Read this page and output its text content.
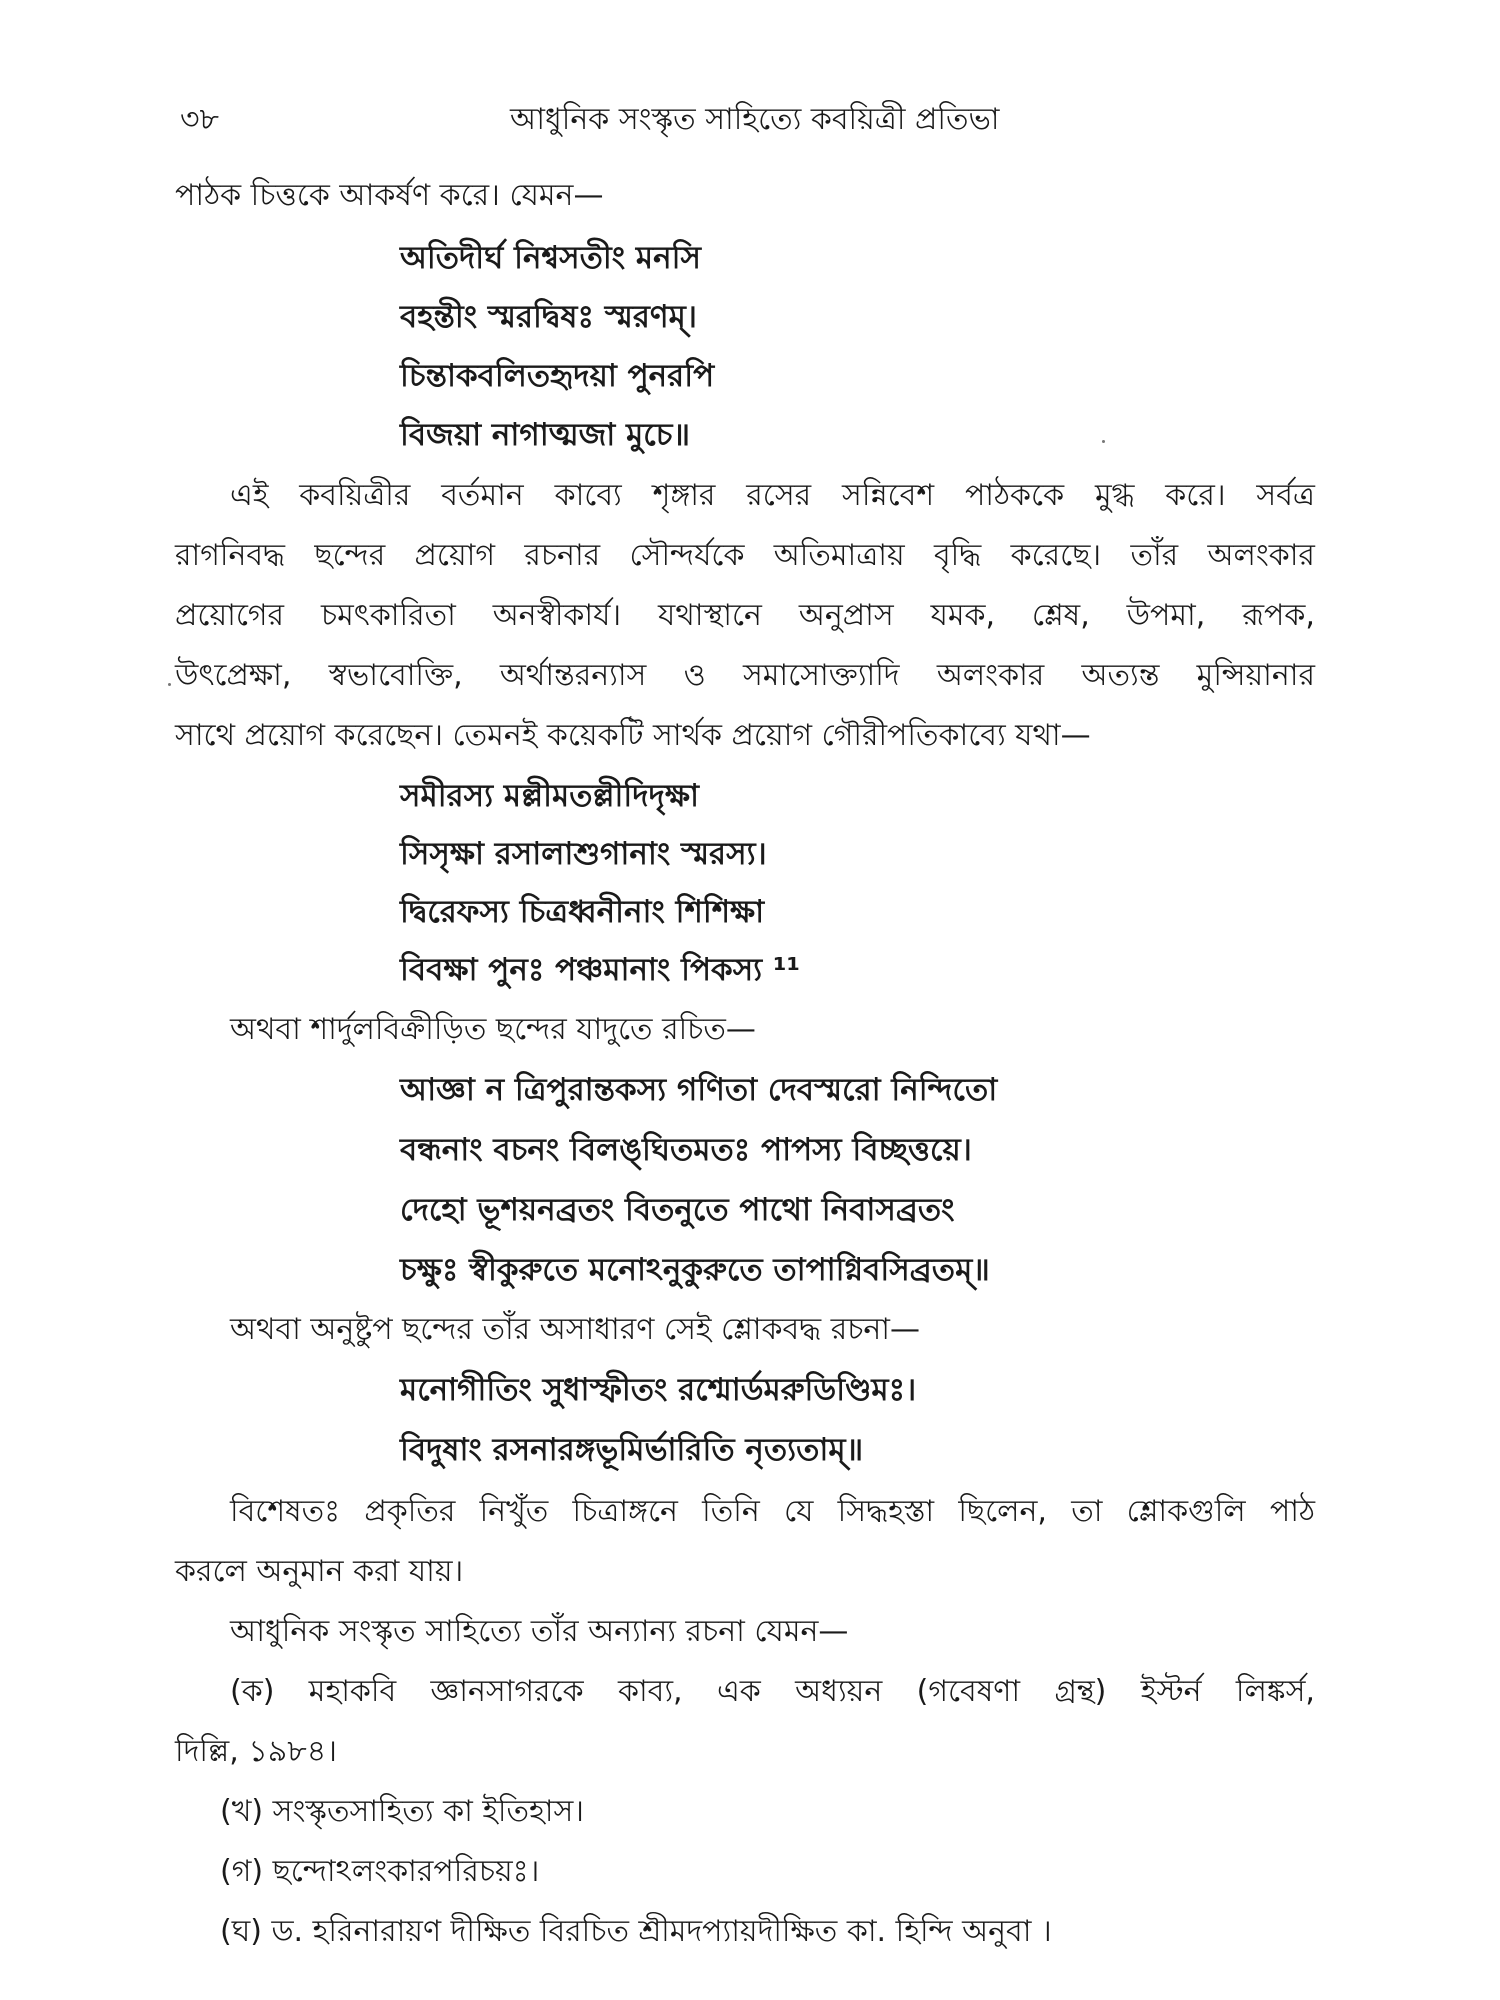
৩৮	আধুনিক সংস্কৃত সাহিত্যে কবয়িত্রী প্রতিভা
পাঠক চিত্তকে আকর্ষণ করে। যেমন—
অতিদীর্ঘ নিশ্বসতীং মনসি
বহন্তীং স্মরদ্বিষঃ স্মরণম্।
চিন্তাকবলিতহৃদয়া পুনরপি
বিজয়া নাগাত্মজা মুচে॥
এই কবয়িত্রীর বর্তমান কাব্যে শৃঙ্গার রসের সন্নিবেশ পাঠককে মুগ্ধ করে। সর্বত্র
রাগনিবদ্ধ ছন্দের প্রয়োগ রচনার সৌন্দর্যকে অতিমাত্রায় বৃদ্ধি করেছে। তাঁর অলংকার
প্রয়োগের চমৎকারিতা অনস্বীকার্য। যথাস্থানে অনুপ্রাস যমক, শ্লেষ, উপমা, রূপক,
উৎপ্রেক্ষা, স্বভাবোক্তি, অর্থান্তরন্যাস ও সমাসোক্ত্যাদি অলংকার অত্যন্ত মুন্সিয়ানার
সাথে প্রয়োগ করেছেন। তেমনই কয়েকটি সার্থক প্রয়োগ গৌরীপতিকাব্যে যথা—
সমীরস্য মল্লীমতল্লীদিদৃক্ষা
সিসৃক্ষা রসালাশুগানাং স্মরস্য।
দ্বিরেফস্য চিত্রধ্বনীনাং শিশিক্ষা
বিবক্ষা পুনঃ পঞ্চমানাং পিকস্য ¹¹
অথবা শার্দুলবিক্রীড়িত ছন্দের যাদুতে রচিত—
আজ্ঞা ন ত্রিপুরান্তকস্য গণিতা দেবস্মরো নিন্দিতো
বন্ধনাং বচনং বিলঙ্‌ঘিতমতঃ পাপস্য বিচ্ছত্তয়ে।
দেহো ভূশয়নব্রতং বিতনুতে পাথো নিবাসব্রতং
চক্ষুঃ স্বীকুরুতে মনোঽনুকুরুতে তাপাগ্নিবসিব্রতম্॥
অথবা অনুষ্টুপ ছন্দের তাঁর অসাধারণ সেই শ্লোকবদ্ধ রচনা—
মনোগীতিং সুধাস্ফীতং রশ্মোর্ডমরুডিণ্ডিমঃ।
বিদুষাং রসনারঙ্গভূমির্ভারিতি নৃত্যতাম্॥
বিশেষতঃ প্রকৃতির নিখুঁত চিত্রাঙ্গনে তিনি যে সিদ্ধহস্তা ছিলেন, তা শ্লোকগুলি পাঠ
করলে অনুমান করা যায়।
আধুনিক সংস্কৃত সাহিত্যে তাঁর অন্যান্য রচনা যেমন—
(ক) মহাকবি জ্ঞানসাগরকে কাব্য, এক অধ্যয়ন (গবেষণা গ্রন্থ) ইস্টর্ন লিঙ্কর্স,
দিল্লি, ১৯৮৪।
(খ) সংস্কৃতসাহিত্য কা ইতিহাস।
(গ) ছন্দোঽলংকারপরিচয়ঃ।
(ঘ) ড. হরিনারায়ণ দীক্ষিত বিরচিত শ্রীমদপ্যায়দীক্ষিত কা. হিন্দি অনুবা ।
